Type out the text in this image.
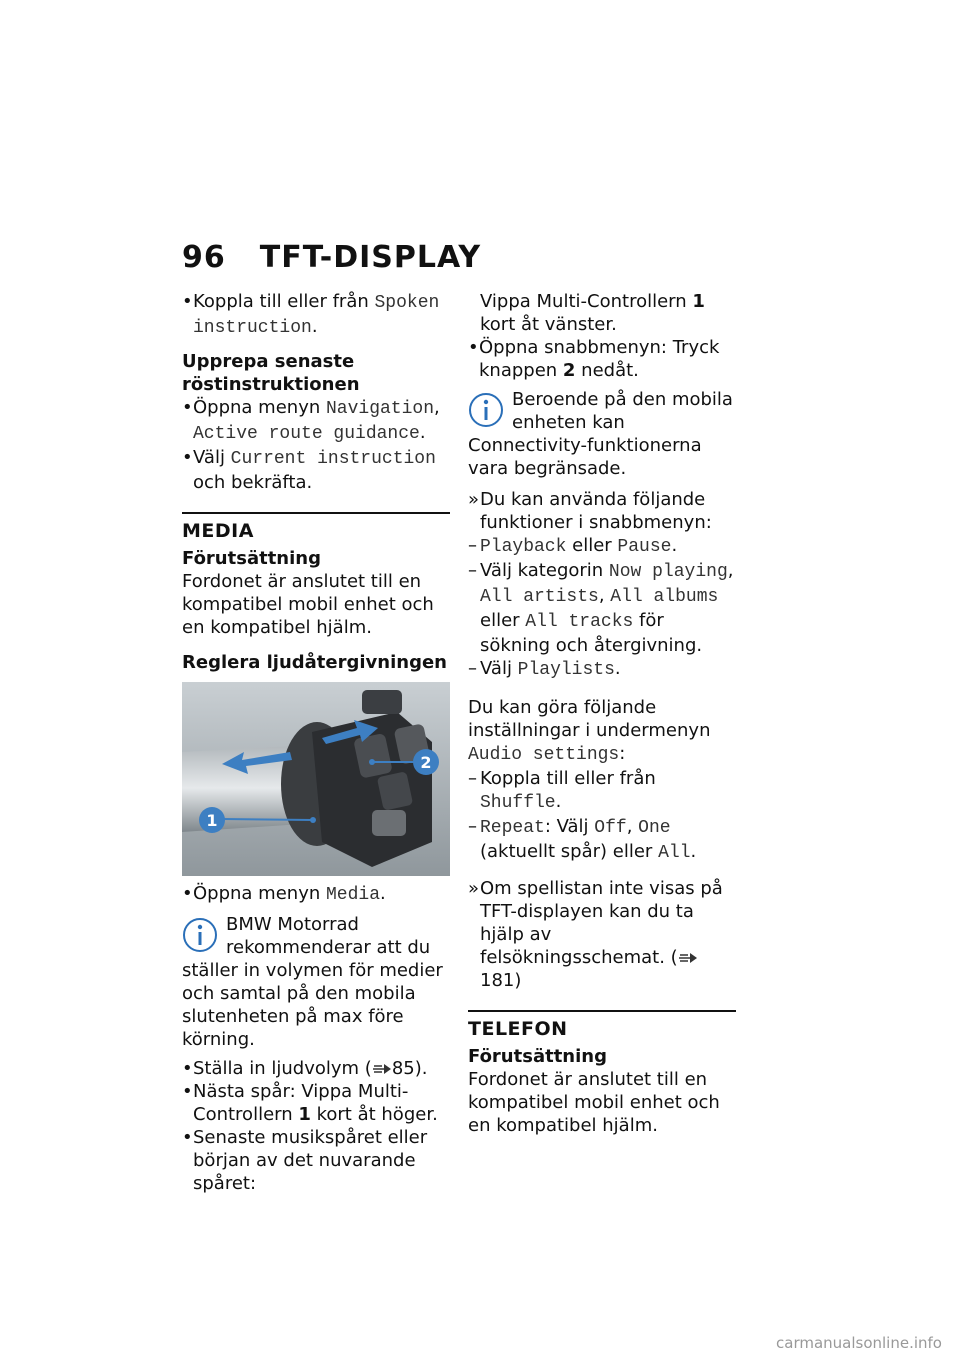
96 TFT-DISPLAY

• Koppla till eller från Spoken instruction.

Upprepa senaste röstinstruktionen

• Öppna menyn Navigation, Active route guidance.

• Välj Current instruction och bekräfta.

MEDIA

Förutsättning

Fordonet är anslutet till en kompatibel mobil enhet och en kompatibel hjälm.

Reglera ljudåtergivningen

1
2

• Öppna menyn Media.

BMW Motorrad rekommenderar att du ställer in volymen för medier och samtal på den mobila slutenheten på max före körning.

• Ställa in ljudvolym ( 85).

• Nästa spår: Vippa Multi-Controllern 1 kort åt höger.

• Senaste musikspåret eller början av det nuvarande spåret:

Vippa Multi-Controllern 1 kort åt vänster.

• Öppna snabbmenyn: Tryck knappen 2 nedåt.

Beroende på den mobila enheten kan Connectivity-funktionerna vara begränsade.

» Du kan använda följande funktioner i snabbmenyn:

– Playback eller Pause.

– Välj kategorin Now playing, All artists, All albums eller All tracks för sökning och återgivning.

– Välj Playlists.

Du kan göra följande inställningar i undermenyn Audio settings:

– Koppla till eller från Shuffle.

– Repeat: Välj Off, One (aktuellt spår) eller All.

» Om spellistan inte visas på TFT-displayen kan du ta hjälp av felsökningsschemat. (181)

TELEFON

Förutsättning

Fordonet är anslutet till en kompatibel mobil enhet och en kompatibel hjälm.

carmanualsonline.info
